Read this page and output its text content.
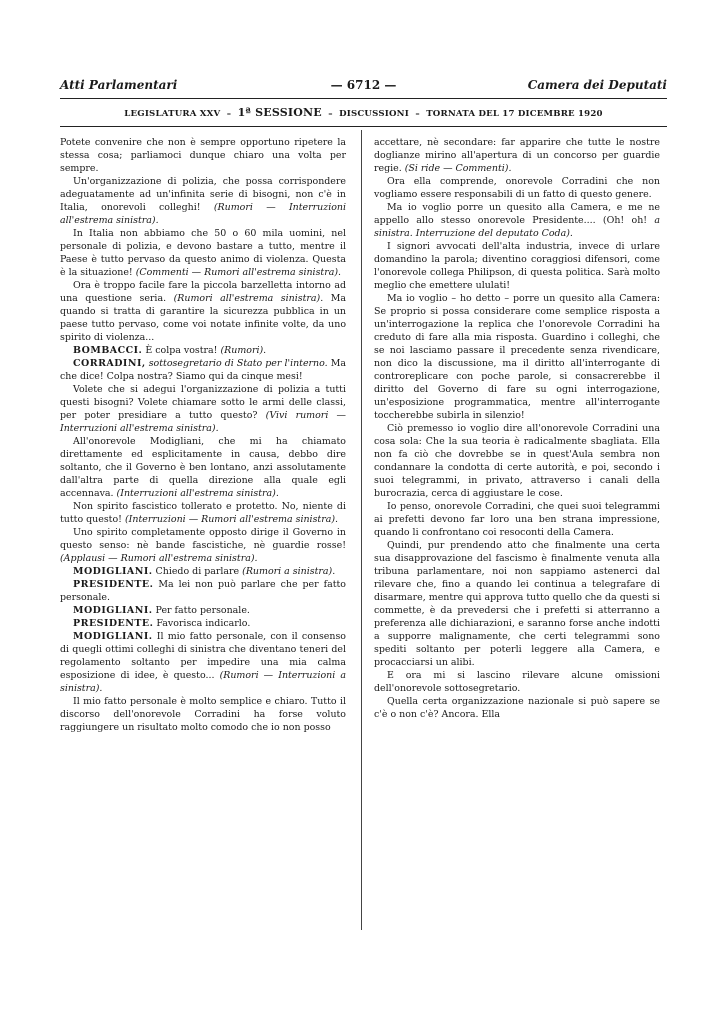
Atti Parlamentari	— 6712 —	Camera dei Deputati
LEGISLATURA XXV  –  1ª SESSIONE  –  DISCUSSIONI  –  TORNATA DEL 17 DICEMBRE 1920

Potete convenire che non è sempre opportuno ripetere la stessa cosa; parliamoci dunque chiaro una volta per sempre.

Un'organizzazione di polizia, che possa corrispondere adeguatamente ad un'infinita serie di bisogni, non c'è in Italia, onorevoli colleghi! (Rumori — Interruzioni all'estrema sinistra).

In Italia non abbiamo che 50 o 60 mila uomini, nel personale di polizia, e devono bastare a tutto, mentre il Paese è tutto pervaso da questo animo di violenza. Questa è la situazione! (Commenti — Rumori all'estrema sinistra).

Ora è troppo facile fare la piccola barzelletta intorno ad una questione seria. (Rumori all'estrema sinistra). Ma quando si tratta di garantire la sicurezza pubblica in un paese tutto pervaso, come voi notate infinite volte, da uno spirito di violenza...

BOMBACCI. È colpa vostra! (Rumori).

CORRADINI, sottosegretario di Stato per l'interno. Ma che dice! Colpa nostra? Siamo qui da cinque mesi!

Volete che si adegui l'organizzazione di polizia a tutti questi bisogni? Volete chiamare sotto le armi delle classi, per poter presidiare a tutto questo? (Vivi rumori — Interruzioni all'estrema sinistra).

All'onorevole Modigliani, che mi ha chiamato direttamente ed esplicitamente in causa, debbo dire soltanto, che il Governo è ben lontano, anzi assolutamente dall'altra parte di quella direzione alla quale egli accennava. (Interruzioni all'estrema sinistra).

Non spirito fascistico tollerato e protetto. No, niente di tutto questo! (Interruzioni — Rumori all'estrema sinistra).

Uno spirito completamente opposto dirige il Governo in questo senso: nè bande fascistiche, nè guardie rosse! (Applausi — Rumori all'estrema sinistra).

MODIGLIANI. Chiedo di parlare (Rumori a sinistra).

PRESIDENTE. Ma lei non può parlare che per fatto personale.

MODIGLIANI. Per fatto personale.

PRESIDENTE. Favorisca indicarlo.

MODIGLIANI. Il mio fatto personale, con il consenso di quegli ottimi colleghi di sinistra che diventano teneri del regolamento soltanto per impedire una mia calma esposizione di idee, è questo... (Rumori — Interruzioni a sinistra).

Il mio fatto personale è molto semplice e chiaro. Tutto il discorso dell'onorevole Corradini ha forse voluto raggiungere un risultato molto comodo che io non posso

accettare, nè secondare: far apparire che tutte le nostre doglianze mirino all'apertura di un concorso per guardie regie. (Si ride — Commenti).

Ora ella comprende, onorevole Corradini che non vogliamo essere responsabili di un fatto di questo genere.

Ma io voglio porre un quesito alla Camera, e me ne appello allo stesso onorevole Presidente.... (Oh! oh! a sinistra. Interruzione del deputato Coda).

I signori avvocati dell'alta industria, invece di urlare domandino la parola; diventino coraggiosi difensori, come l'onorevole collega Philipson, di questa politica. Sarà molto meglio che emettere ululati!

Ma io voglio – ho detto – porre un quesito alla Camera: Se proprio si possa considerare come semplice risposta a un'interrogazione la replica che l'onorevole Corradini ha creduto di fare alla mia risposta. Guardino i colleghi, che se noi lasciamo passare il precedente senza rivendicare, non dico la discussione, ma il diritto all'interrogante di controreplicare con poche parole, si consacrerebbe il diritto del Governo di fare su ogni interrogazione, un'esposizione programmatica, mentre all'interrogante toccherebbe subirla in silenzio!

Ciò premesso io voglio dire all'onorevole Corradini una cosa sola: Che la sua teoria è radicalmente sbagliata. Ella non fa ciò che dovrebbe se in quest'Aula sembra non condannare la condotta di certe autorità, e poi, secondo i suoi telegrammi, in privato, attraverso i canali della burocrazia, cerca di aggiustare le cose.

Io penso, onorevole Corradini, che quei suoi telegrammi ai prefetti devono far loro una ben strana impressione, quando li confrontano coi resoconti della Camera.

Quindi, pur prendendo atto che finalmente una certa sua disapprovazione del fascismo è finalmente venuta alla tribuna parlamentare, noi non sappiamo astenerci dal rilevare che, fino a quando lei continua a telegrafare di disarmare, mentre qui approva tutto quello che da questi si commette, è da prevedersi che i prefetti si atterranno a preferenza alle dichiarazioni, e saranno forse anche indotti a supporre malignamente, che certi telegrammi sono spediti soltanto per poterli leggere alla Camera, e procacciarsi un alibi.

E ora mi si lascino rilevare alcune omissioni dell'onorevole sottosegretario.

Quella certa organizzazione nazionale si può sapere se c'è o non c'è? Ancora. Ella
